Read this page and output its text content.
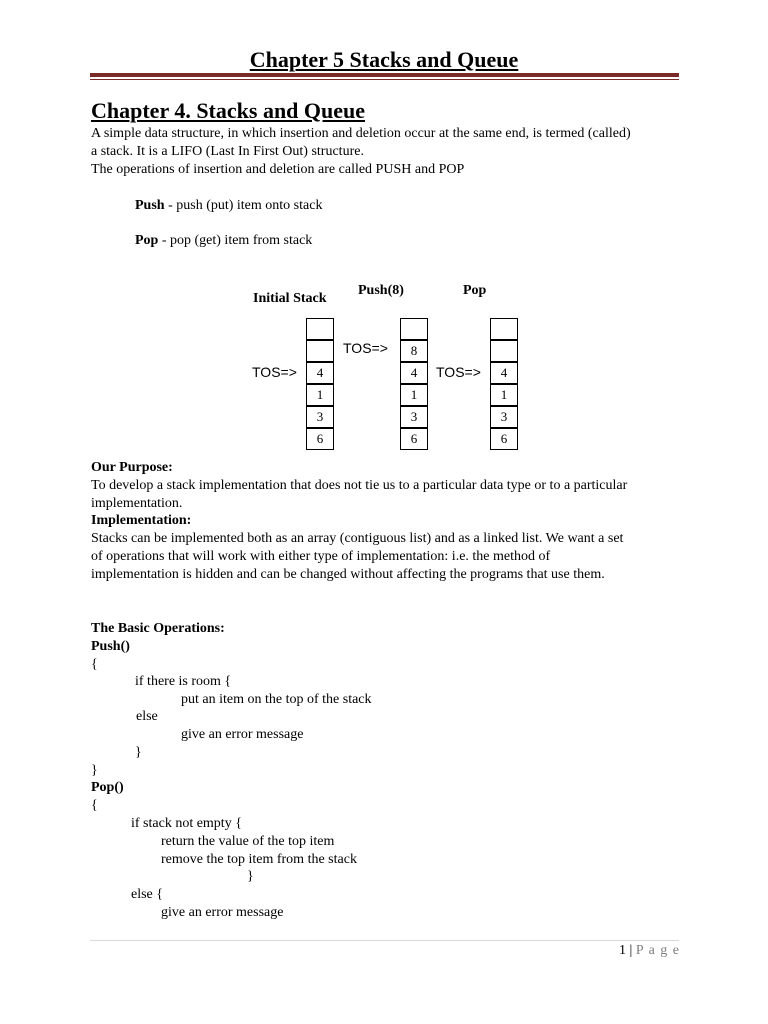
Chapter 5 Stacks and Queue
Chapter 4. Stacks and Queue
A simple data structure, in which insertion and deletion occur at the same end, is termed (called)
a stack. It is a LIFO (Last In First Out) structure.
The operations of insertion and deletion are called PUSH and POP
Push - push (put) item onto stack
Pop - pop (get) item from stack
Initial Stack
Push(8)	Pop
TOS=>
TOS=>
TOS=>
4
1
3
6
8
4
1
3
6
4
1
3
6
Our Purpose:
To develop a stack implementation that does not tie us to a particular data type or to a particular
implementation.
Implementation:
Stacks can be implemented both as an array (contiguous list) and as a linked list. We want a set
of operations that will work with either type of implementation: i.e. the method of
implementation is hidden and can be changed without affecting the programs that use them.
The Basic Operations:
Push()
{
if there is room {
put an item on the top of the stack
else
give an error message
}
}
Pop()
{
if stack not empty {
return the value of the top item
remove the top item from the stack
}
else {
give an error message
1 | P a g e
